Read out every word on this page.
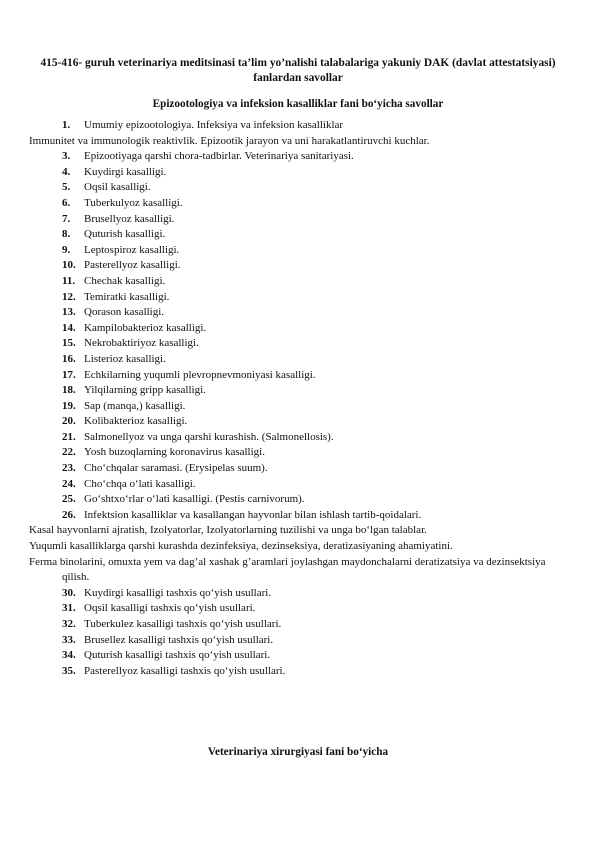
415-416- guruh veterinariya meditsinasi ta’lim yo’nalishi talabalariga yakuniy DAK (davlat attestatsiyasi) fanlardan savollar
Epizootologiya va infeksion kasalliklar fani bo‘yicha savollar
1. Umumiy epizootologiya. Infeksiya va infeksion kasalliklar
Immunitet va immunologik reaktivlik. Epizootik jarayon va uni harakatlantiruvchi kuchlar.
3. Epizootiyaga qarshi chora-tadbirlar. Veterinariya sanitariyasi.
4. Kuydirgi kasalligi.
5. Oqsil kasalligi.
6. Tuberkulyoz kasalligi.
7. Brusellyoz kasalligi.
8. Quturish kasalligi.
9. Leptospiroz kasalligi.
10. Pasterellyoz kasalligi.
11. Chechak kasalligi.
12. Temiratki kasalligi.
13. Qorason kasalligi.
14. Kampilobakterioz kasalligi.
15. Nekrobaktiriyoz kasalligi.
16. Listerioz kasalligi.
17. Echkilarning yuqumli plevropnevmoniyasi kasalligi.
18. Yilqilarning gripp kasalligi.
19. Sap (manqa,) kasalligi.
20. Kolibakterioz kasalligi.
21. Salmonellyoz va unga qarshi kurashish. (Salmonellosis).
22. Yosh buzoqlarning koronavirus kasalligi.
23. Cho‘chqalar saramasi. (Erysipelas suum).
24. Cho‘chqa o‘lati kasalligi.
25. Go‘shtxo‘rlar o‘lati kasalligi. (Pestis carnivorum).
26. Infektsion kasalliklar va kasallangan hayvonlar bilan ishlash tartib-qoidalari.
Kasal hayvonlarni ajratish, Izolyatorlar, Izolyatorlarning tuzilishi va unga bo‘lgan talablar.
Yuqumli kasalliklarga qarshi kurashda dezinfeksiya, dezinseksiya, deratizasiyaning ahamiyatini.
Ferma binolarini, omuxta yem va dag’al xashak g’aramlari joylashgan maydonchalarni deratizatsiya va dezinsektsiya qilish.
30. Kuydirgi kasalligi tashxis qo‘yish usullari.
31. Oqsil kasalligi tashxis qo‘yish usullari.
32. Tuberkulez kasalligi tashxis qo‘yish usullari.
33. Brusellez kasalligi tashxis qo‘yish usullari.
34. Quturish kasalligi tashxis qo‘yish usullari.
35. Pasterellyoz kasalligi tashxis qo‘yish usullari.
Veterinariya xirurgiyasi fani bo‘yicha
